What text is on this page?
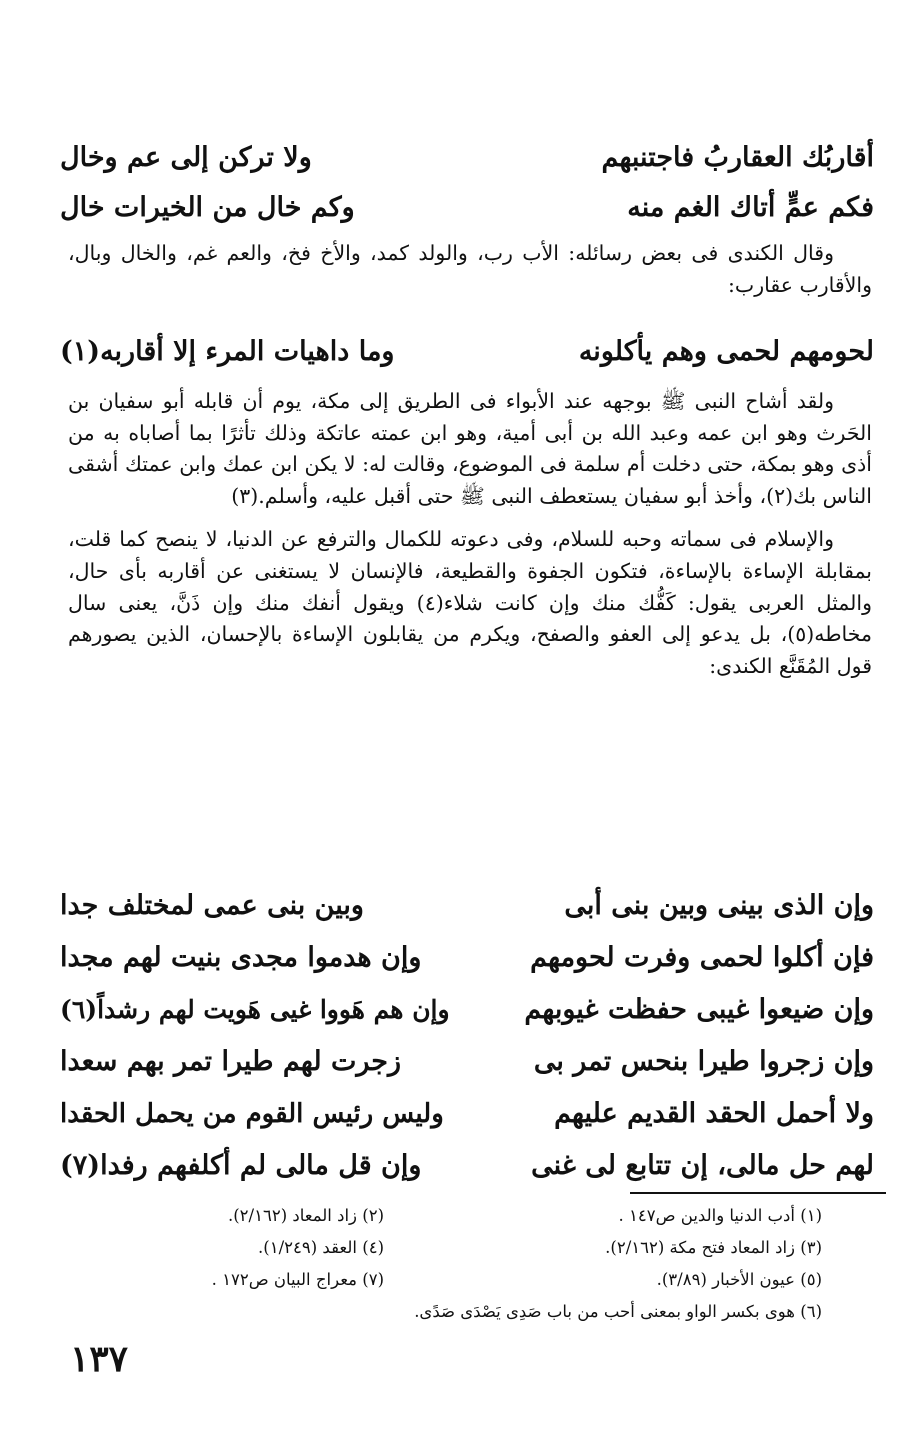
أقاربُك العقاربُ فاجتنبهم
ولا تركن إلى عم وخال
فكم عمٍّ أتاك الغم منه
وكم خال من الخيرات خال

وقال الكندى فى بعض رسائله: الأب رب، والولد كمد، والأخ فخ، والعم غم، والخال وبال، والأقارب عقارب:

لحومهم لحمى وهم يأكلونه
وما داهيات المرء إلا أقاربه(١)

ولقد أشاح النبى ﷺ بوجهه عند الأبواء فى الطريق إلى مكة، يوم أن قابله أبو سفيان بن الحَرث وهو ابن عمه وعبد الله بن أبى أمية، وهو ابن عمته عاتكة وذلك تأثرًا بما أصاباه به من أذى وهو بمكة، حتى دخلت أم سلمة فى الموضوع، وقالت له: لا يكن ابن عمك وابن عمتك أشقى الناس بك(٢)، وأخذ أبو سفيان يستعطف النبى ﷺ حتى أقبل عليه، وأسلم.(٣)

والإسلام فى سماته وحبه للسلام، وفى دعوته للكمال والترفع عن الدنيا، لا ينصح كما قلت، بمقابلة الإساءة بالإساءة، فتكون الجفوة والقطيعة، فالإنسان لا يستغنى عن أقاربه بأى حال، والمثل العربى يقول: كَفُّك منك وإن كانت شلاء(٤) ويقول أنفك منك وإن ذَنَّ، يعنى سال مخاطه(٥)، بل يدعو إلى العفو والصفح، ويكرم من يقابلون الإساءة بالإحسان، الذين يصورهم قول المُقَنَّع الكندى:

وإن الذى بينى وبين بنى أبى
وبين بنى عمى لمختلف جدا
فإن أكلوا لحمى وفرت لحومهم
وإن هدموا مجدى بنيت لهم مجدا
وإن ضيعوا غيبى حفظت غيوبهم
وإن هم هَووا غيى هَويت لهم رشداً(٦)
وإن زجروا طيرا بنحس تمر بى
زجرت لهم طيرا تمر بهم سعدا
ولا أحمل الحقد القديم عليهم
وليس رئيس القوم من يحمل الحقدا
لهم حل مالى، إن تتابع لى غنى
وإن قل مالى لم أكلفهم رفدا(٧)
(١) أدب الدنيا والدين ص١٤٧ .
(٢) زاد المعاد (٢/١٦٢).
(٣) زاد المعاد فتح مكة (٢/١٦٢).
(٤) العقد (١/٢٤٩).
(٥) عيون الأخبار (٣/٨٩).
(٧) معراج البيان ص١٧٢ .
(٦) هوى بكسر الواو بمعنى أحب من باب صَدِى يَصْدَى صَدًى.
١٣٧
